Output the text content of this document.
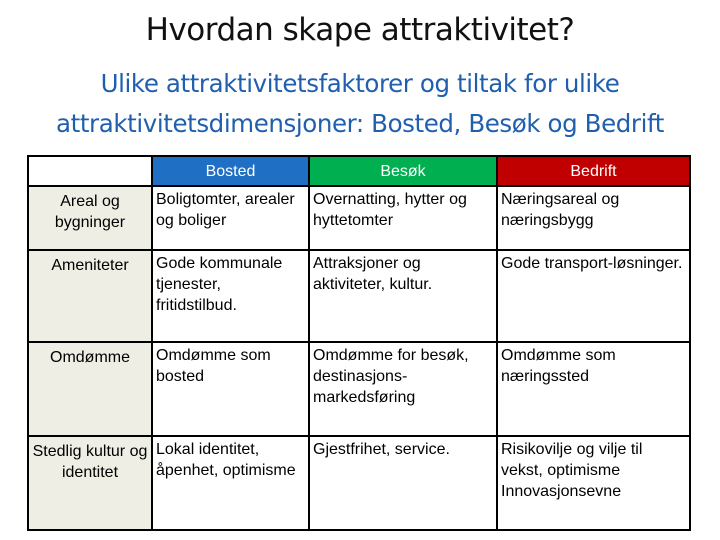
Hvordan skape attraktivitet?
Ulike attraktivitetsfaktorer og tiltak for ulike
attraktivitetsdimensjoner: Bosted, Besøk og Bedrift
	Bosted	Besøk	Bedrift
Areal og bygninger	Boligtomter, arealer og boliger	Overnatting, hytter og hyttetomter	Næringsareal og næringsbygg
Ameniteter	Gode kommunale tjenester, fritidstilbud.	Attraksjoner og aktiviteter, kultur.	Gode transport-løsninger.
Omdømme	Omdømme som bosted	Omdømme for besøk, destinasjons-markedsføring	Omdømme som næringssted
Stedlig kultur og identitet	Lokal identitet, åpenhet, optimisme	Gjestfrihet, service.	Risikovilje og vilje til vekst, optimisme Innovasjonsevne
